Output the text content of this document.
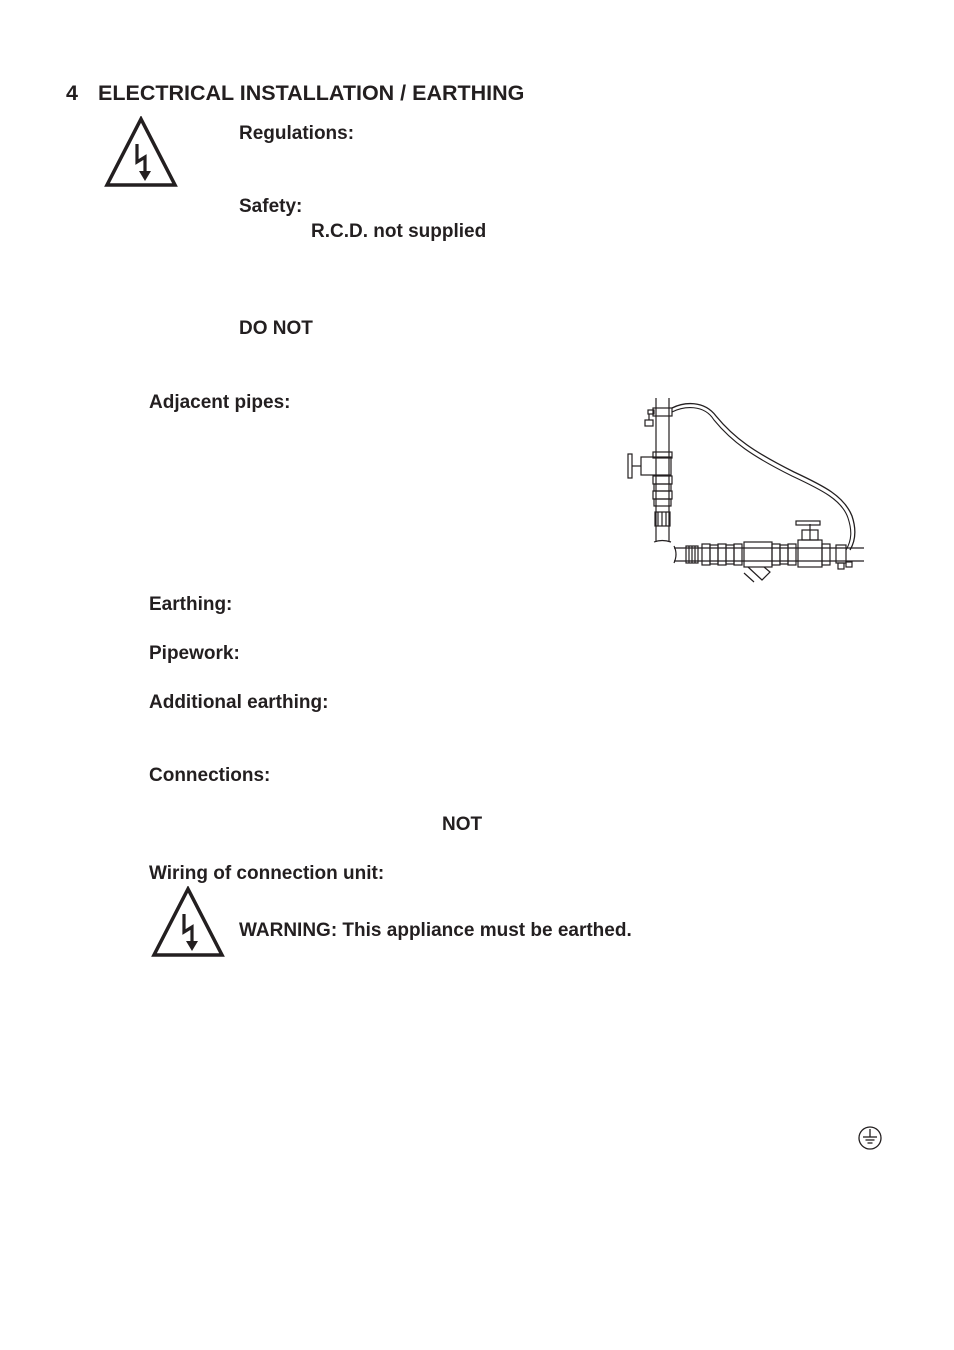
4 ELECTRICAL INSTALLATION / EARTHING
Regulations:
Safety:
R.C.D. not supplied
DO NOT
Adjacent pipes:
Earthing:
Pipework:
Additional earthing:
Connections:
NOT
Wiring of connection unit:
WARNING: This appliance must be earthed.
